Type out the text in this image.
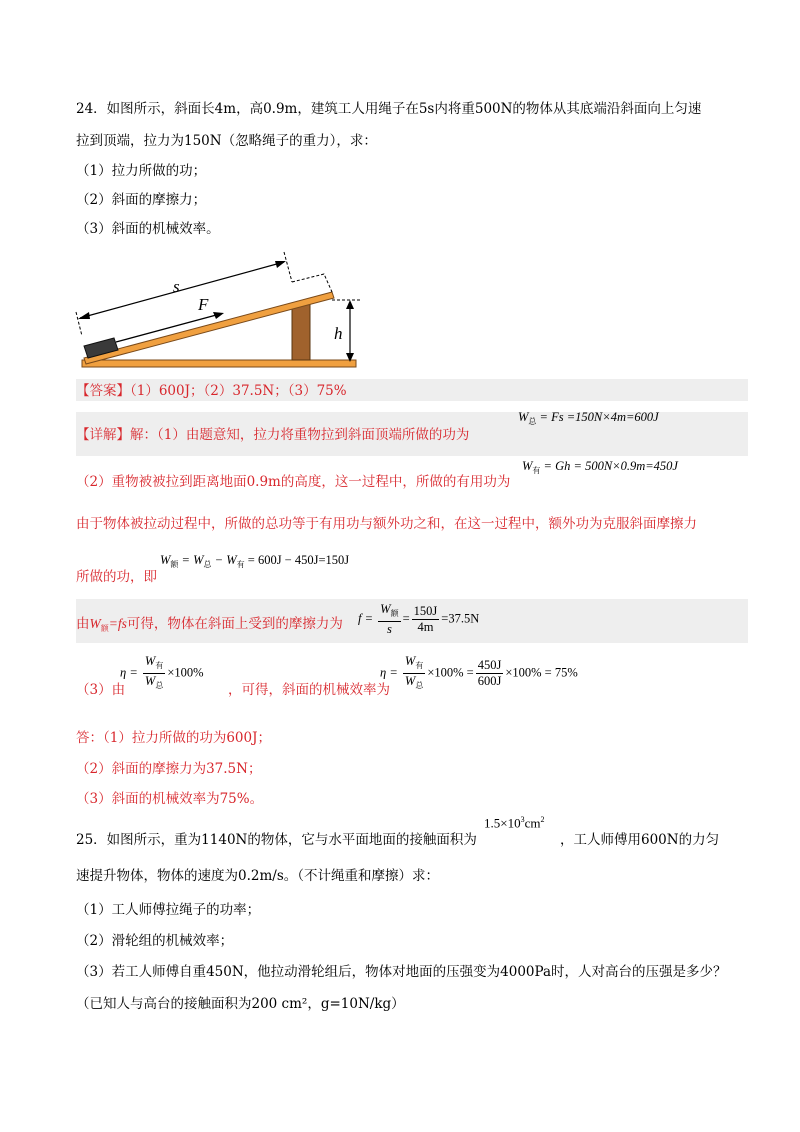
24．如图所示，斜面长4m，高0.9m，建筑工人用绳子在5s内将重500N的物体从其底端沿斜面向上匀速
拉到顶端，拉力为150N（忽略绳子的重力），求：
（1）拉力所做的功；
（2）斜面的摩擦力；
（3）斜面的机械效率。
F
s
h
【答案】（1）600J；（2）37.5N；（3）75%
【详解】解：（1）由题意知，拉力将重物拉到斜面顶端所做的功为
$W_总 = Fs =150N\times 4m=600J$
（2）重物被被拉到距离地面0.9m的高度，这一过程中，所做的有用功为
$W_有 = Gh = 500N\times 0.9m=450J$
由于物体被拉动过程中，所做的总功等于有用功与额外功之和，在这一过程中，额外功为克服斜面摩擦力
所做的功，即
$W_额 = W_总 - W_有 = 600J - 450J=150J$
由$W_额=fs$可得，物体在斜面上受到的摩擦力为 $f = \frac{W_额}{s} = \frac{150J}{4m} =37.5N$
$\eta = \frac{W_有}{W_总} \times 100\%$
（3）由	，可得，斜面的机械效率为
$\eta = \frac{W_有}{W_总} \times 100\% = \frac{450J}{600J} \times 100\% = 75\%$
答：（1）拉力所做的功为600J；
（2）斜面的摩擦力为37.5N；
（3）斜面的机械效率为75%。
25．如图所示，重为1140N的物体，它与水平面地面的接触面积为
$1.5\times 10^3cm^2$
，工人师傅用600N的力匀
速提升物体，物体的速度为0.2m/s。（不计绳重和摩擦）求：
（1）工人师傅拉绳子的功率；
（2）滑轮组的机械效率；
（3）若工人师傅自重450N，他拉动滑轮组后，物体对地面的压强变为4000Pa时，人对高台的压强是多少？
（已知人与高台的接触面积为200 cm²，g=10N/kg）
